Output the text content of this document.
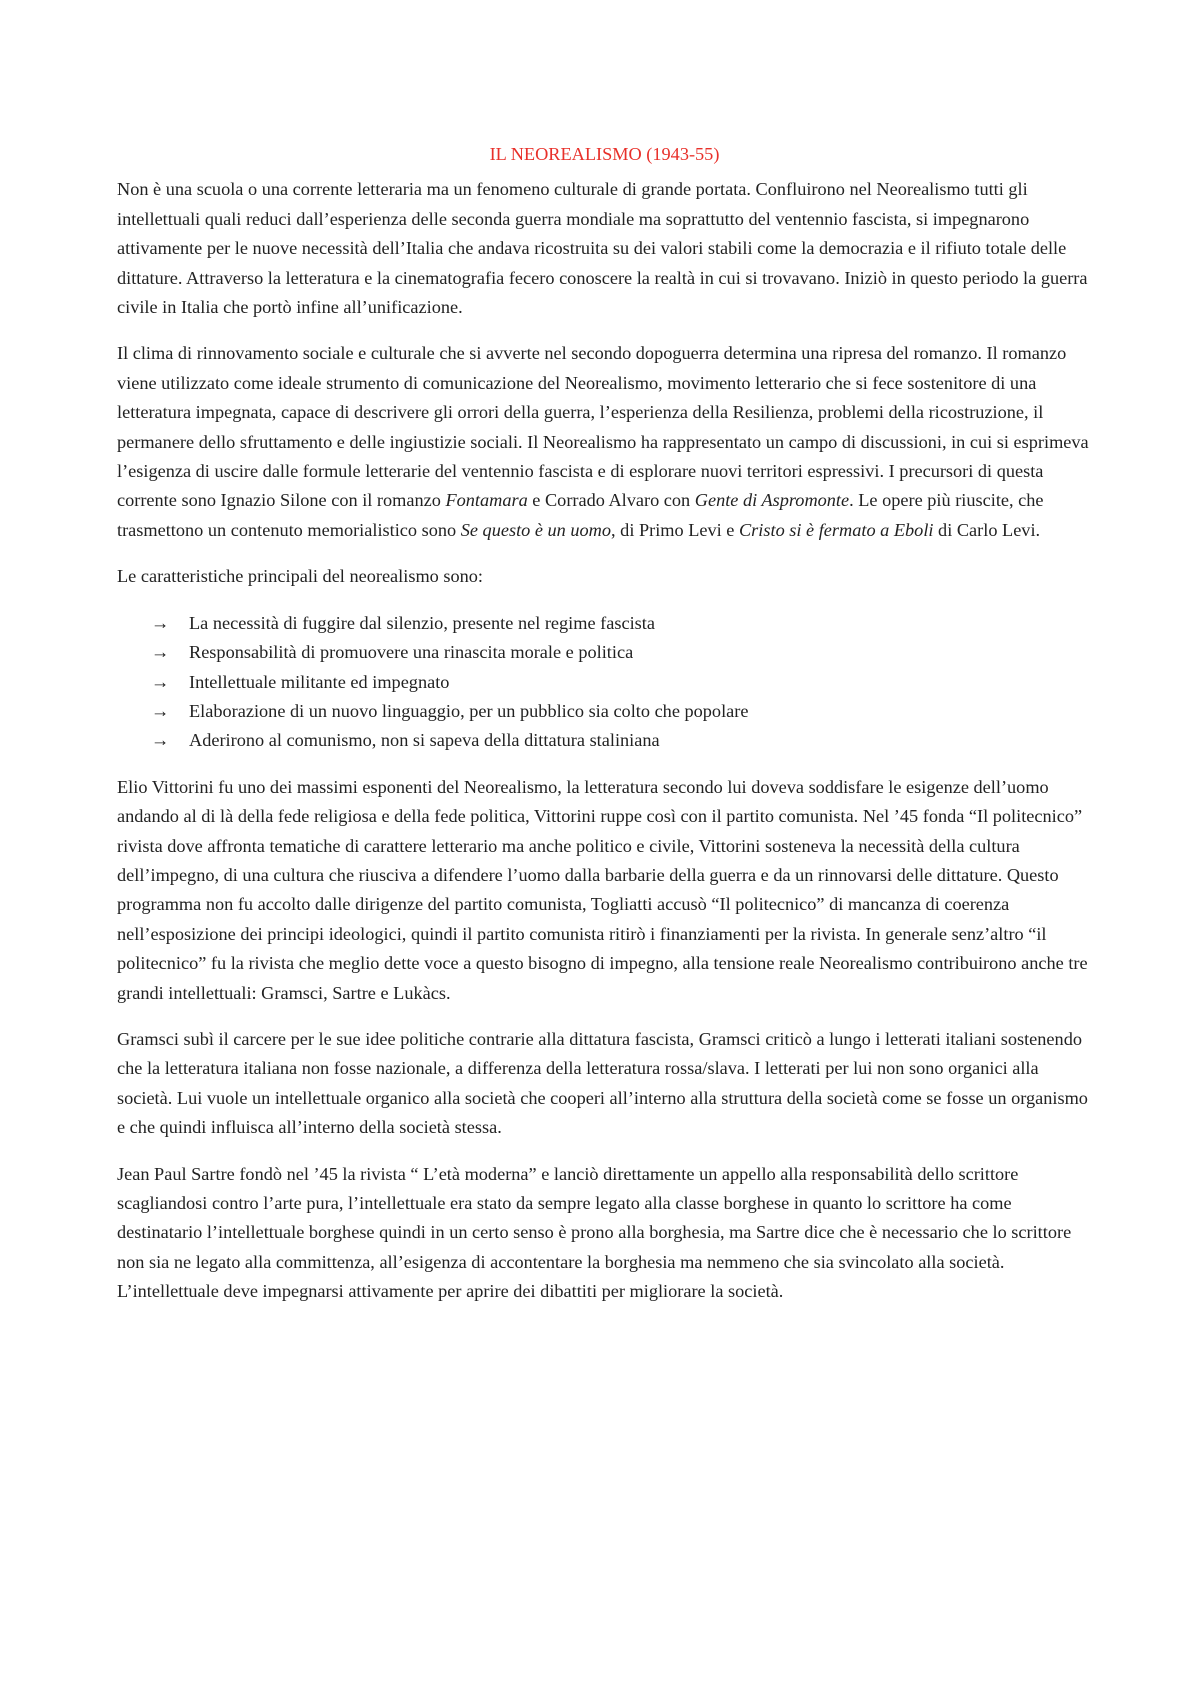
IL NEOREALISMO (1943-55)

Non è una scuola o una corrente letteraria ma un fenomeno culturale di grande portata. Confluirono nel Neorealismo tutti gli intellettuali quali reduci dall’esperienza delle seconda guerra mondiale ma soprattutto del ventennio fascista, si impegnarono attivamente per le nuove necessità dell’Italia che andava ricostruita su dei valori stabili come la democrazia e il rifiuto totale delle dittature. Attraverso la letteratura e la cinematografia fecero conoscere la realtà in cui si trovavano. Iniziò in questo periodo la guerra civile in Italia che portò infine all’unificazione.

Il clima di rinnovamento sociale e culturale che si avverte nel secondo dopoguerra determina una ripresa del romanzo. Il romanzo viene utilizzato come ideale strumento di comunicazione del Neorealismo, movimento letterario che si fece sostenitore di una letteratura impegnata, capace di descrivere gli orrori della guerra, l’esperienza della Resilienza, problemi della ricostruzione, il permanere dello sfruttamento e delle ingiustizie sociali. Il Neorealismo ha rappresentato un campo di discussioni, in cui si esprimeva l’esigenza di uscire dalle formule letterarie del ventennio fascista e di esplorare nuovi territori espressivi. I precursori di questa corrente sono Ignazio Silone con il romanzo Fontamara e Corrado Alvaro con Gente di Aspromonte. Le opere più riuscite, che trasmettono un contenuto memorialistico sono Se questo è un uomo, di Primo Levi e Cristo si è fermato a Eboli di Carlo Levi.

Le caratteristiche principali del neorealismo sono:

→	La necessità di fuggire dal silenzio, presente nel regime fascista
→	Responsabilità di promuovere una rinascita morale e politica
→	Intellettuale militante ed impegnato
→	Elaborazione di un nuovo linguaggio, per un pubblico sia colto che popolare
→	Aderirono al comunismo, non si sapeva della dittatura staliniana

Elio Vittorini fu uno dei massimi esponenti del Neorealismo, la letteratura secondo lui doveva soddisfare le esigenze dell’uomo andando al di là della fede religiosa e della fede politica, Vittorini ruppe così con il partito comunista. Nel ’45 fonda “Il politecnico” rivista dove affronta tematiche di carattere letterario ma anche politico e civile, Vittorini sosteneva la necessità della cultura dell’impegno, di una cultura che riusciva a difendere l’uomo dalla barbarie della guerra e da un rinnovarsi delle dittature. Questo programma non fu accolto dalle dirigenze del partito comunista, Togliatti accusò “Il politecnico” di mancanza di coerenza nell’esposizione dei principi ideologici, quindi il partito comunista ritirò i finanziamenti per la rivista. In generale senz’altro “il politecnico” fu la rivista che meglio dette voce a questo bisogno di impegno, alla tensione reale Neorealismo contribuirono anche tre grandi intellettuali: Gramsci, Sartre e Lukàcs.

Gramsci subì il carcere per le sue idee politiche contrarie alla dittatura fascista, Gramsci criticò a lungo i letterati italiani sostenendo che la letteratura italiana non fosse nazionale, a differenza della letteratura rossa/slava. I letterati per lui non sono organici alla società. Lui vuole un intellettuale organico alla società che cooperi all’interno alla struttura della società come se fosse un organismo e che quindi influisca all’interno della società stessa.

Jean Paul Sartre fondò nel ’45 la rivista “ L’età moderna” e lanciò direttamente un appello alla responsabilità dello scrittore scagliandosi contro l’arte pura, l’intellettuale era stato da sempre legato alla classe borghese in quanto lo scrittore ha come destinatario l’intellettuale borghese quindi in un certo senso è prono alla borghesia, ma Sartre dice che è necessario che lo scrittore non sia ne legato alla committenza, all’esigenza di accontentare la borghesia ma nemmeno che sia svincolato alla società. L’intellettuale deve impegnarsi attivamente per aprire dei dibattiti per migliorare la società.
